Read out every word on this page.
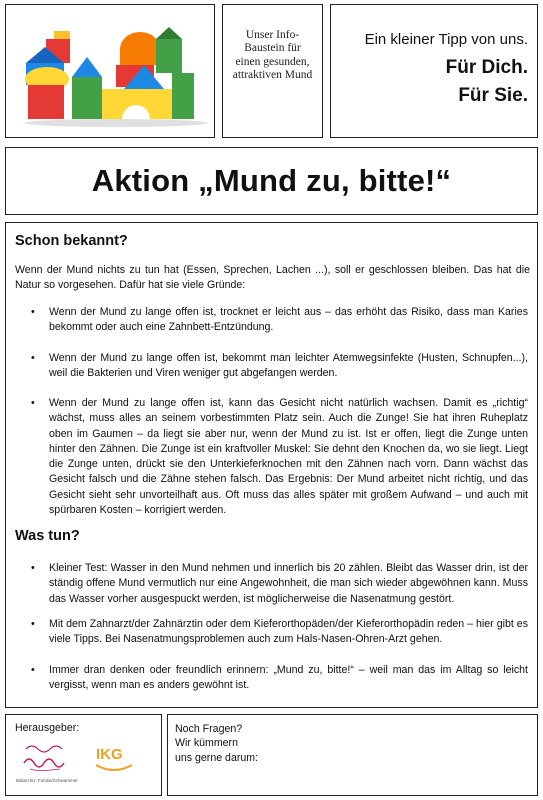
Unser Info-Baustein für einen gesunden, attraktiven Mund
Ein kleiner Tipp von uns.
Für Dich.
Für Sie.
Aktion „Mund zu, bitte!“
Schon bekannt?
Wenn der Mund nichts zu tun hat (Essen, Sprechen, Lachen ...), soll er geschlossen bleiben. Das hat die Natur so vorgesehen. Dafür hat sie viele Gründe:
• Wenn der Mund zu lange offen ist, trocknet er leicht aus – das erhöht das Risiko, dass man Karies bekommt oder auch eine Zahnbett-Entzündung.
• Wenn der Mund zu lange offen ist, bekommt man leichter Atemwegsinfekte (Husten, Schnupfen...), weil die Bakterien und Viren weniger gut abgefangen werden.
• Wenn der Mund zu lange offen ist, kann das Gesicht nicht natürlich wachsen. Damit es „richtig“ wächst, muss alles an seinem vorbestimmten Platz sein. Auch die Zunge! Sie hat ihren Ruheplatz oben im Gaumen – da liegt sie aber nur, wenn der Mund zu ist. Ist er offen, liegt die Zunge unten hinter den Zähnen. Die Zunge ist ein kraftvoller Muskel: Sie dehnt den Knochen da, wo sie liegt. Liegt die Zunge unten, drückt sie den Unterkieferknochen mit den Zähnen nach vorn. Dann wächst das Gesicht falsch und die Zähne stehen falsch. Das Ergebnis: Der Mund arbeitet nicht richtig, und das Gesicht sieht sehr unvorteilhaft aus. Oft muss das alles später mit großem Aufwand – und auch mit spürbaren Kosten – korrigiert werden.
Was tun?
• Kleiner Test: Wasser in den Mund nehmen und innerlich bis 20 zählen. Bleibt das Wasser drin, ist der ständig offene Mund vermutlich nur eine Angewohnheit, die man sich wieder abgewöhnen kann. Muss das Wasser vorher ausgespuckt werden, ist möglicherweise die Nasenatmung gestört.
• Mit dem Zahnarzt/der Zahnärztin oder dem Kieferorthopäden/der Kieferorthopädin reden – hier gibt es viele Tipps. Bei Nasenatmungsproblemen auch zum Hals-Nasen-Ohren-Arzt gehen.
• Immer dran denken oder freundlich erinnern: „Mund zu, bitte!“ – weil man das im Alltag so leicht vergisst, wenn man es anders gewöhnt ist.
Herausgeber:
IKG
Bildarchiv: Fotolia/Schwammer
Noch Fragen?
Wir kümmern
uns gerne darum:
